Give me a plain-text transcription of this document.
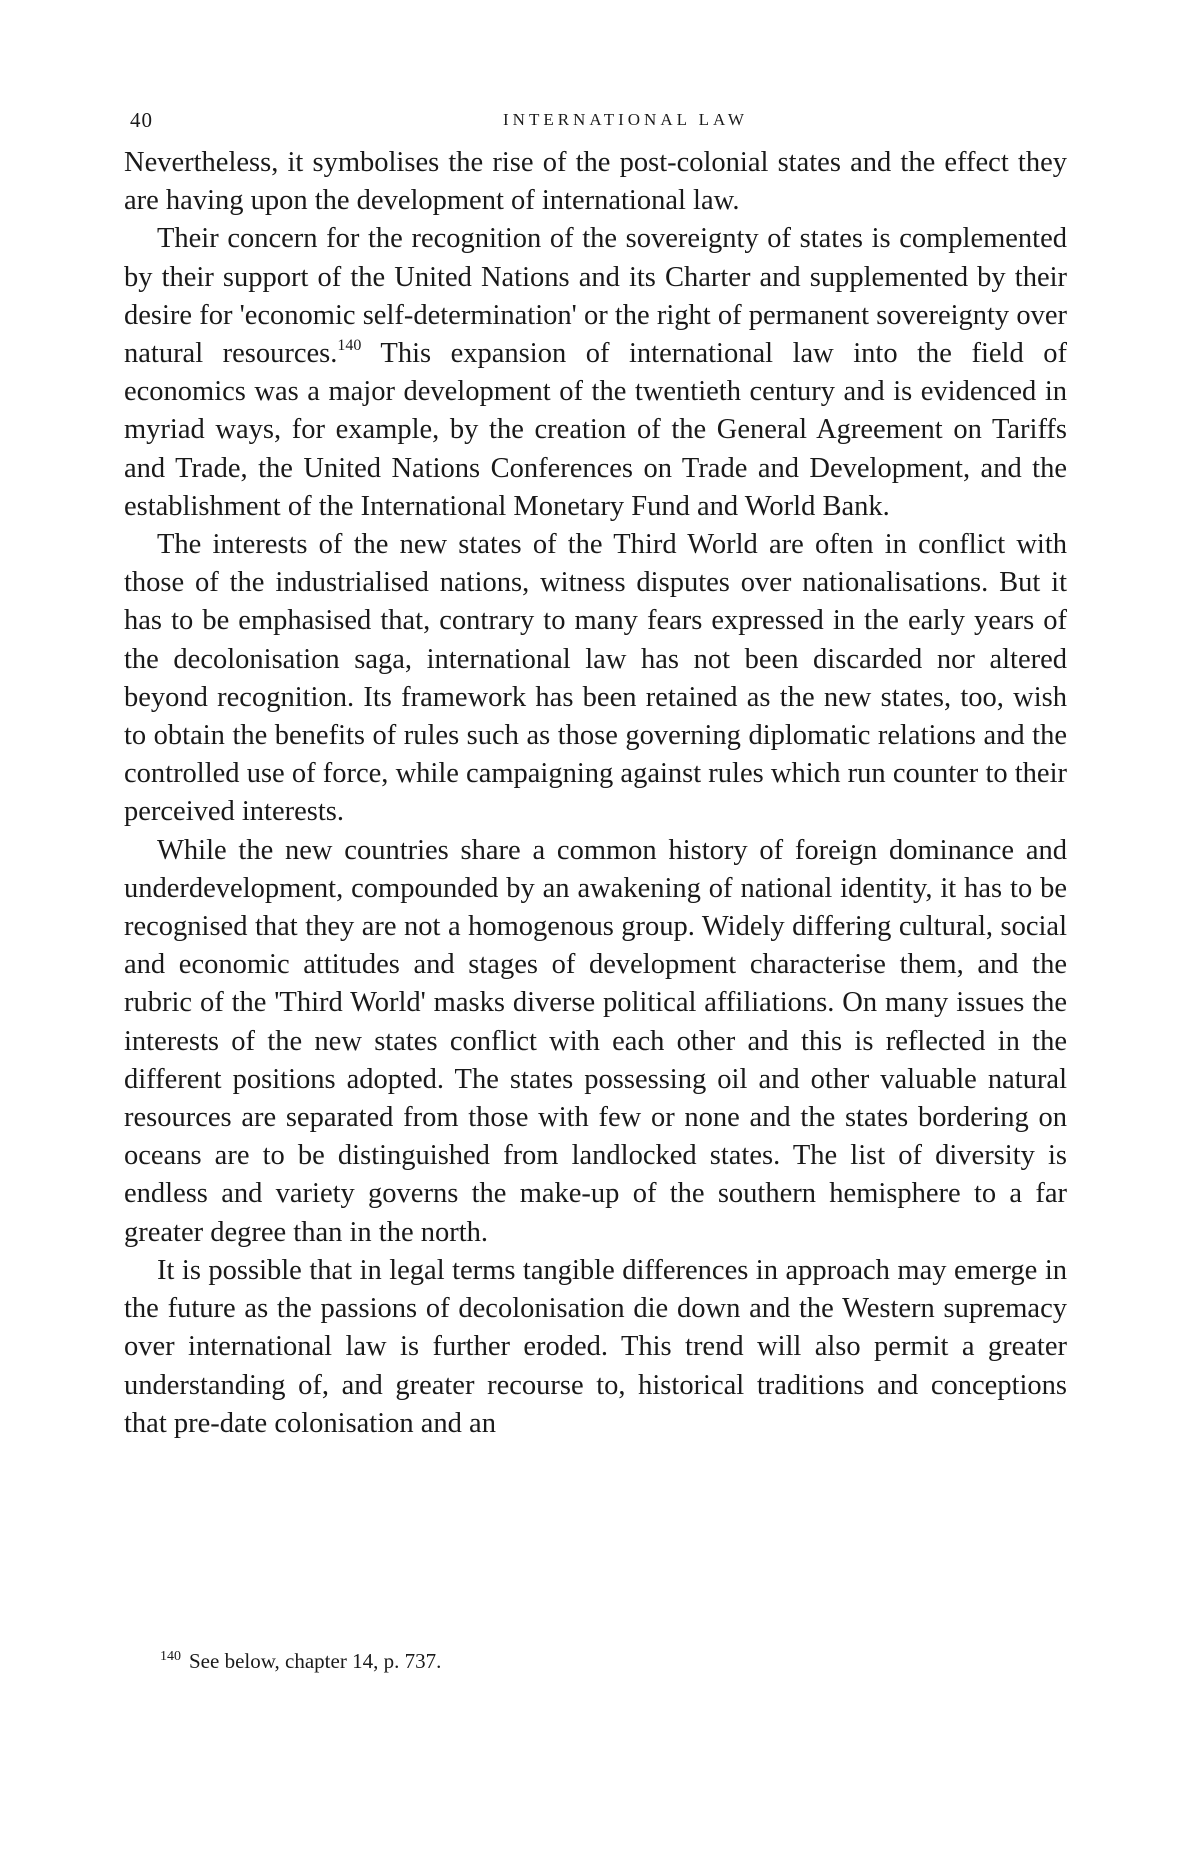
40	INTERNATIONAL LAW

Nevertheless, it symbolises the rise of the post-colonial states and the effect they are having upon the development of international law.

Their concern for the recognition of the sovereignty of states is complemented by their support of the United Nations and its Charter and supplemented by their desire for 'economic self-determination' or the right of permanent sovereignty over natural resources.$^{140}$ This expansion of international law into the field of economics was a major development of the twentieth century and is evidenced in myriad ways, for example, by the creation of the General Agreement on Tariffs and Trade, the United Nations Conferences on Trade and Development, and the establishment of the International Monetary Fund and World Bank.

The interests of the new states of the Third World are often in conflict with those of the industrialised nations, witness disputes over nationalisations. But it has to be emphasised that, contrary to many fears expressed in the early years of the decolonisation saga, international law has not been discarded nor altered beyond recognition. Its framework has been retained as the new states, too, wish to obtain the benefits of rules such as those governing diplomatic relations and the controlled use of force, while campaigning against rules which run counter to their perceived interests.

While the new countries share a common history of foreign dominance and underdevelopment, compounded by an awakening of national identity, it has to be recognised that they are not a homogenous group. Widely differing cultural, social and economic attitudes and stages of development characterise them, and the rubric of the 'Third World' masks diverse political affiliations. On many issues the interests of the new states conflict with each other and this is reflected in the different positions adopted. The states possessing oil and other valuable natural resources are separated from those with few or none and the states bordering on oceans are to be distinguished from landlocked states. The list of diversity is endless and variety governs the make-up of the southern hemisphere to a far greater degree than in the north.

It is possible that in legal terms tangible differences in approach may emerge in the future as the passions of decolonisation die down and the Western supremacy over international law is further eroded. This trend will also permit a greater understanding of, and greater recourse to, historical traditions and conceptions that pre-date colonisation and an

$^{140}$ See below, chapter 14, p. 737.
